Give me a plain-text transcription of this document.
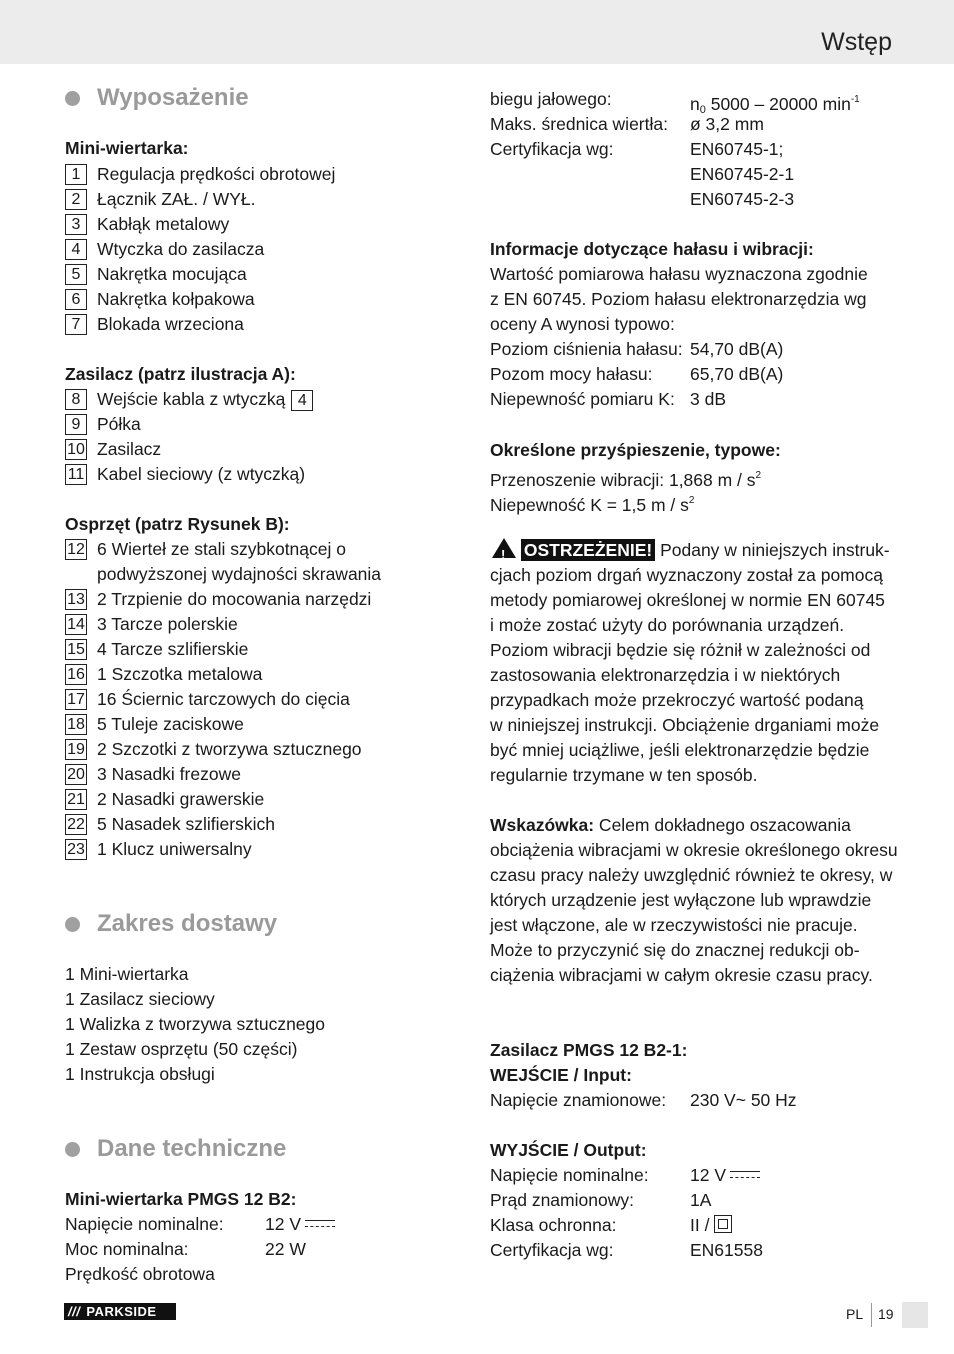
Wstęp
Wyposażenie
Mini-wiertarka:
1 Regulacja prędkości obrotowej
2 Łącznik ZAŁ. / WYŁ.
3 Kabłąk metalowy
4 Wtyczka do zasilacza
5 Nakrętka mocująca
6 Nakrętka kołpakowa
7 Blokada wrzeciona
Zasilacz (patrz ilustracja A):
8 Wejście kabla z wtyczką 4
9 Półka
10 Zasilacz
11 Kabel sieciowy (z wtyczką)
Osprzęt (patrz Rysunek B):
12 6 Wierteł ze stali szybkotnącej o
podwyższonej wydajności skrawania
13 2 Trzpienie do mocowania narzędzi
14 3 Tarcze polerskie
15 4 Tarcze szlifierskie
16 1 Szczotka metalowa
17 16 Ściernic tarczowych do cięcia
18 5 Tuleje zaciskowe
19 2 Szczotki z tworzywa sztucznego
20 3 Nasadki frezowe
21 2 Nasadki grawerskie
22 5 Nasadek szlifierskich
23 1 Klucz uniwersalny
Zakres dostawy
1 Mini-wiertarka
1 Zasilacz sieciowy
1 Walizka z tworzywa sztucznego
1 Zestaw osprzętu (50 części)
1 Instrukcja obsługi
Dane techniczne
Mini-wiertarka PMGS 12 B2:
Napięcie nominalne: 12 V
Moc nominalna:	22 W
Prędkość obrotowa
biegu jałowego:	$n_0$ 5000 – 20000 $\min^{-1}$
Maks. średnica wiertła: ø 3,2 mm
Certyfikacja wg:	EN60745-1;
EN60745-2-1
EN60745-2-3
Informacje dotyczące hałasu i wibracji:
Wartość pomiarowa hałasu wyznaczona zgodnie
z EN 60745. Poziom hałasu elektronarzędzia wg
oceny A wynosi typowo:
Poziom ciśnienia hałasu: 54,70 dB(A)
Pozom mocy hałasu: 65,70 dB(A)
Niepewność pomiaru K: 3 dB
Określone przyśpieszenie, typowe:
Przenoszenie wibracji: 1,868 m / $s^2$
Niepewność K = 1,5 m / $s^2$
! OSTRZEŻENIE! Podany w niniejszych instruk-
cjach poziom drgań wyznaczony został za pomocą
metody pomiarowej określonej w normie EN 60745
i może zostać użyty do porównania urządzeń.
Poziom wibracji będzie się różnił w zależności od
zastosowania elektronarzędzia i w niektórych
przypadkach może przekroczyć wartość podaną
w niniejszej instrukcji. Obciążenie drganiami może
być mniej uciążliwe, jeśli elektronarzędzie będzie
regularnie trzymane w ten sposób.
Wskazówka: Celem dokładnego oszacowania
obciążenia wibracjami w okresie określonego okresu
czasu pracy należy uwzględnić również te okresy, w
których urządzenie jest wyłączone lub wprawdzie
jest włączone, ale w rzeczywistości nie pracuje.
Może to przyczynić się do znacznej redukcji ob-
ciążenia wibracjami w całym okresie czasu pracy.
Zasilacz PMGS 12 B2-1:
WEJŚCIE / Input:
Napięcie znamionowe: 230 V~ 50 Hz
WYJŚCIE / Output:
Napięcie nominalne: 12 V
Prąd znamionowy:	1A
Klasa ochronna:	II /
Certyfikacja wg:	EN61558
/// PARKSIDE	PL 19
